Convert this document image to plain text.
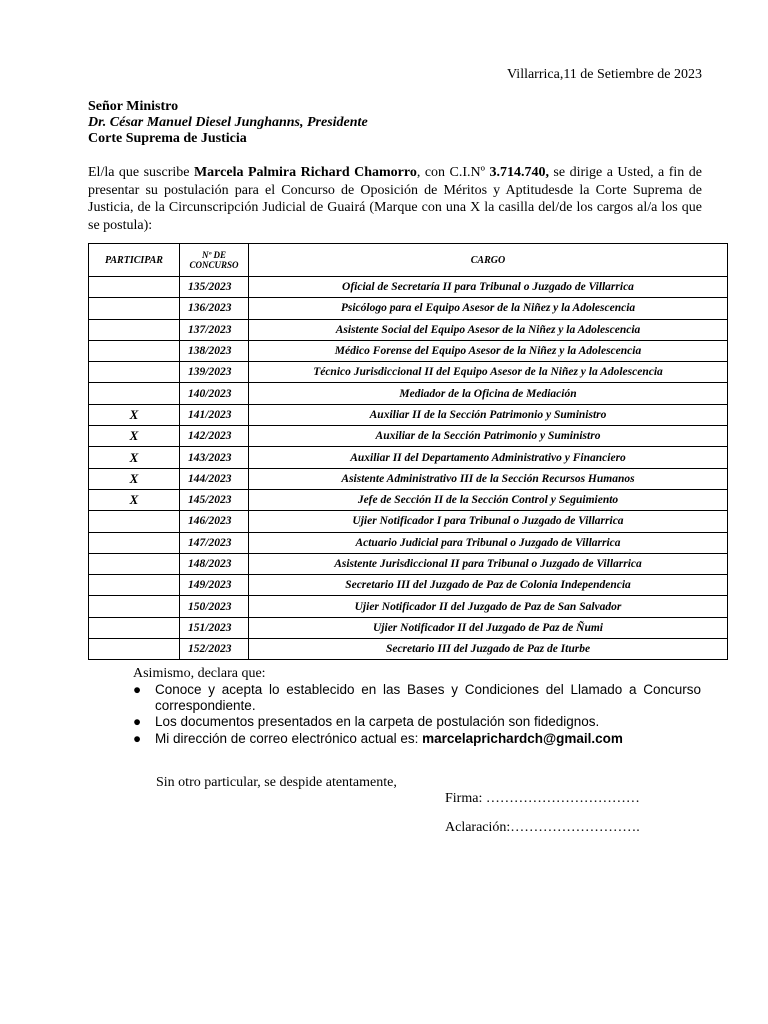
Villarrica,11 de Setiembre de 2023
Señor Ministro
Dr. César Manuel Diesel Junghanns, Presidente
Corte Suprema de Justicia
El/la que suscribe Marcela Palmira Richard Chamorro, con C.I.Nº 3.714.740, se dirige a Usted, a fin de presentar su postulación para el Concurso de Oposición de Méritos y Aptitudesde la Corte Suprema de Justicia, de la Circunscripción Judicial de Guairá (Marque con una X la casilla del/de los cargos al/a los que se postula):
PARTICIPAR	Nº DE CONCURSO	CARGO
	135/2023	Oficial de Secretaría II para Tribunal o Juzgado de Villarrica
	136/2023	Psicólogo para el Equipo Asesor de la Niñez y la Adolescencia
	137/2023	Asistente Social del Equipo Asesor de la Niñez y la Adolescencia
	138/2023	Médico Forense del Equipo Asesor de la Niñez y la Adolescencia
	139/2023	Técnico Jurisdiccional II del Equipo Asesor de la Niñez y la Adolescencia
	140/2023	Mediador de la Oficina de Mediación
X	141/2023	Auxiliar II de la Sección Patrimonio y Suministro
X	142/2023	Auxiliar de la Sección Patrimonio y Suministro
X	143/2023	Auxiliar II del Departamento Administrativo y Financiero
X	144/2023	Asistente Administrativo III de la Sección Recursos Humanos
X	145/2023	Jefe de Sección II de la Sección Control y Seguimiento
	146/2023	Ujier Notificador I para Tribunal o Juzgado de Villarrica
	147/2023	Actuario Judicial para Tribunal o Juzgado de Villarrica
	148/2023	Asistente Jurisdiccional II para Tribunal o Juzgado de Villarrica
	149/2023	Secretario III del Juzgado de Paz de Colonia Independencia
	150/2023	Ujier Notificador II del Juzgado de Paz de San Salvador
	151/2023	Ujier Notificador II del Juzgado de Paz de Ñumi
	152/2023	Secretario III del Juzgado de Paz de Iturbe
Asimismo, declara que:
● Conoce y acepta lo establecido en las Bases y Condiciones del Llamado a Concurso correspondiente.
● Los documentos presentados en la carpeta de postulación son fidedignos.
● Mi dirección de correo electrónico actual es: marcelaprichardch@gmail.com
Sin otro particular, se despide atentamente,
Firma: ……………………………
Aclaración:……………………….
